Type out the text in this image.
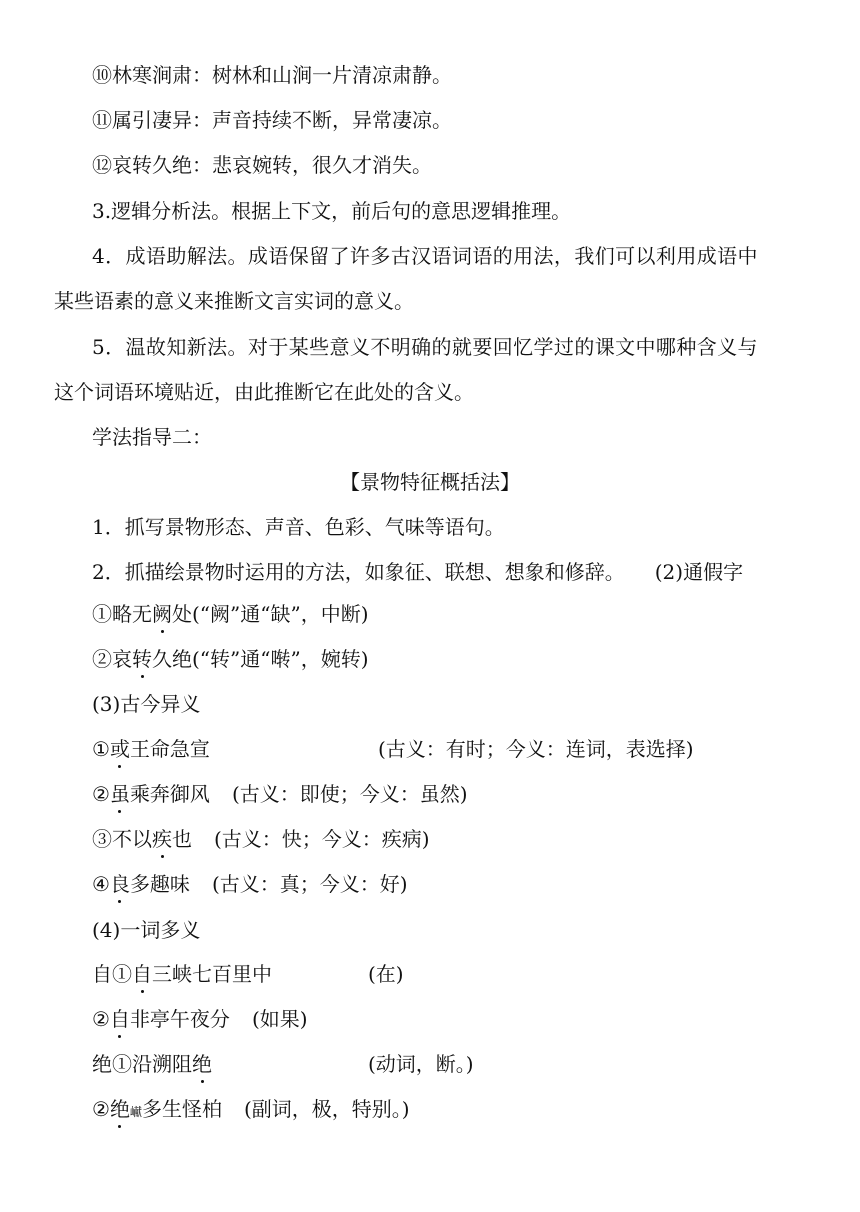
⑩林寒涧肃：树林和山涧一片清凉肃静。
⑪属引凄异：声音持续不断，异常凄凉。
⑫哀转久绝：悲哀婉转，很久才消失。
3.逻辑分析法。根据上下文，前后句的意思逻辑推理。
4．成语助解法。成语保留了许多古汉语词语的用法，我们可以利用成语中
某些语素的意义来推断文言实词的意义。
5．温故知新法。对于某些意义不明确的就要回忆学过的课文中哪种含义与
这个词语环境贴近，由此推断它在此处的含义。
学法指导二：
【景物特征概括法】
1．抓写景物形态、声音、色彩、气味等语句。
2．抓描绘景物时运用的方法，如象征、联想、想象和修辞。 (2)通假字
①略无阙处(“阙”通“缺”，中断)
②哀转久绝(“转”通“啭”，婉转)
(3)古今异义
①或王命急宣	(古义：有时；今义：连词，表选择)
②虽乘奔御风 (古义：即使；今义：虽然)
③不以疾也 (古义：快；今义：疾病)
④良多趣味 (古义：真；今义：好)
(4)一词多义
自①自三峡七百里中	(在)
②自非亭午夜分 (如果)
绝①沿溯阻绝	(动词，断。)
②绝𪩘多生怪柏 (副词，极，特别。)
